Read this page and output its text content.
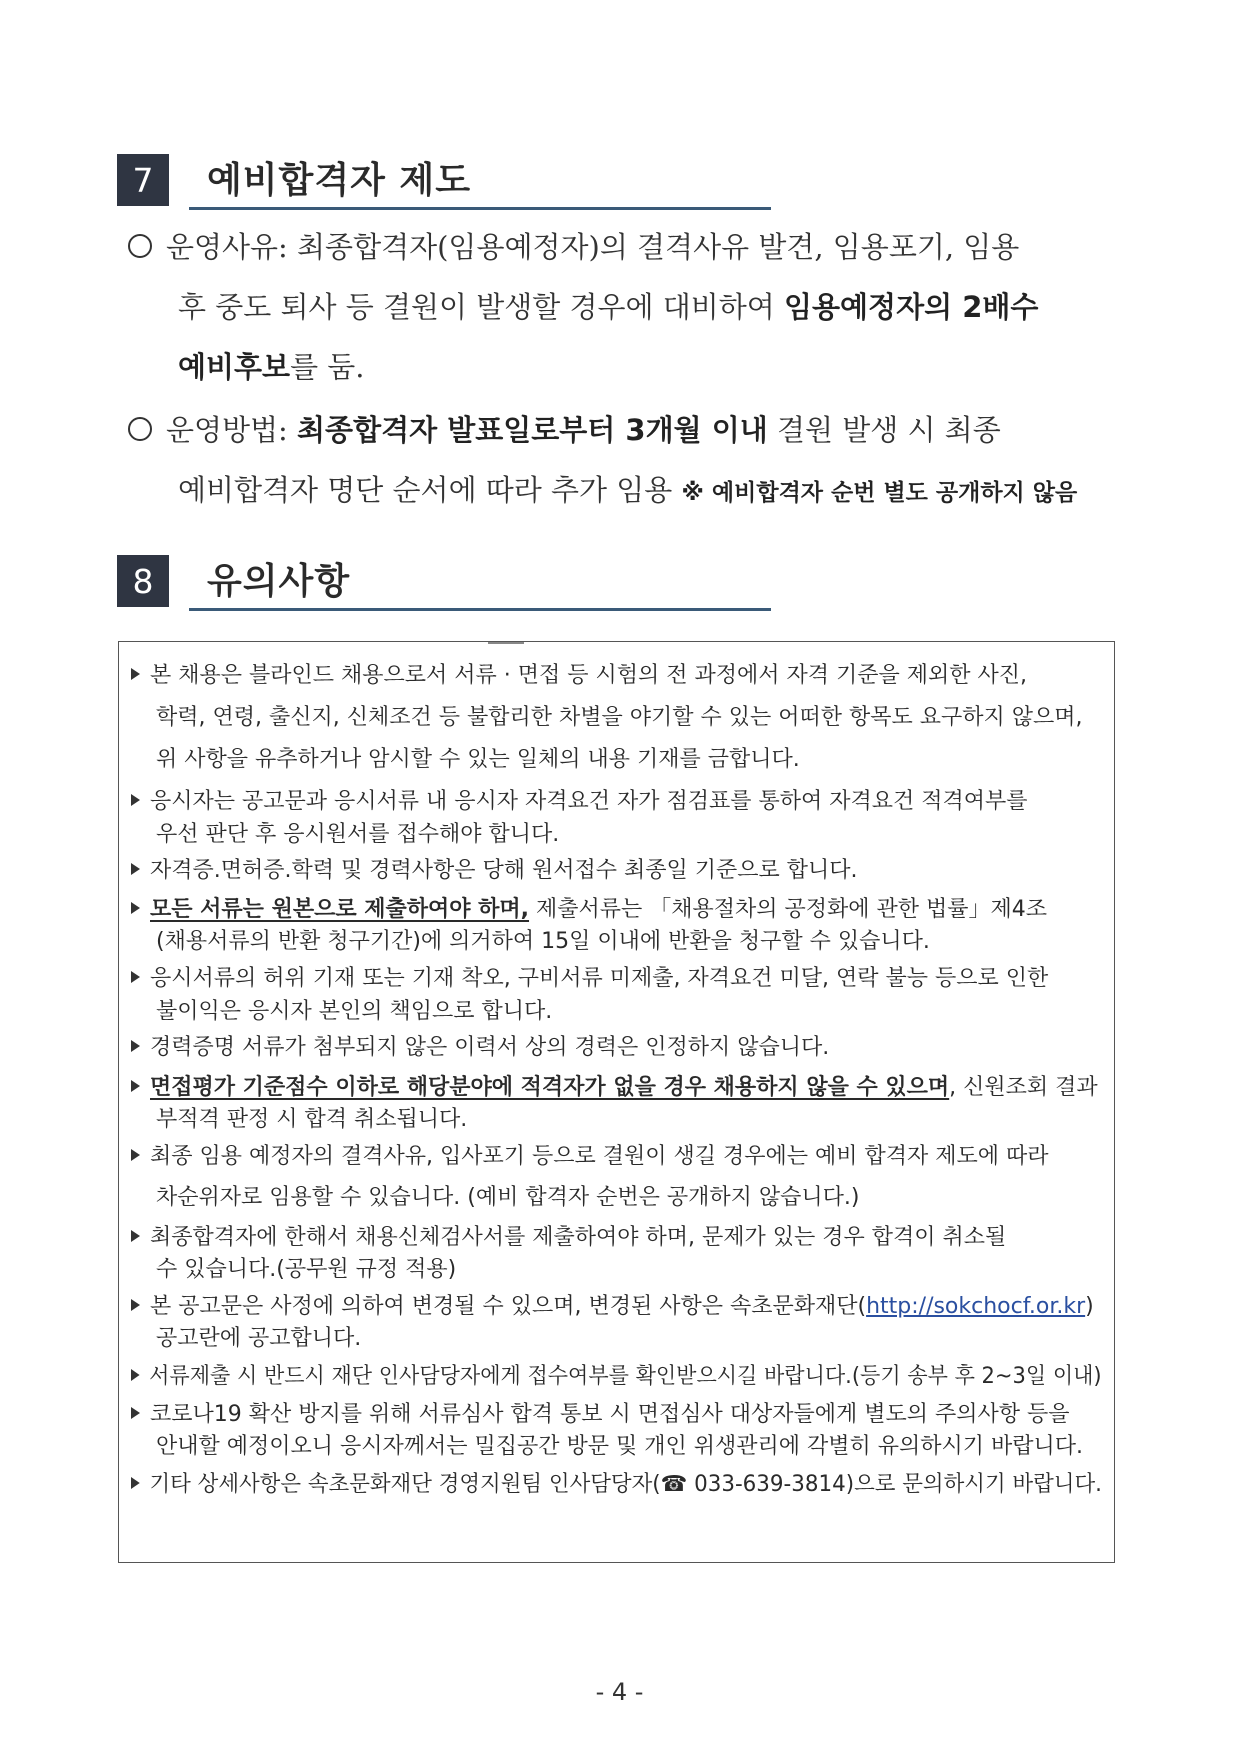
7	예비합격자 제도
운영사유: 최종합격자(임용예정자)의 결격사유 발견, 임용포기, 임용
후 중도 퇴사 등 결원이 발생할 경우에 대비하여 임용예정자의 2배수
예비후보를 둠.
운영방법: 최종합격자 발표일로부터 3개월 이내 결원 발생 시 최종
예비합격자 명단 순서에 따라 추가 임용 ※ 예비합격자 순번 별도 공개하지 않음
8	유의사항
본 채용은 블라인드 채용으로서 서류 · 면접 등 시험의 전 과정에서 자격 기준을 제외한 사진,
학력, 연령, 출신지, 신체조건 등 불합리한 차별을 야기할 수 있는 어떠한 항목도 요구하지 않으며,
위 사항을 유추하거나 암시할 수 있는 일체의 내용 기재를 금합니다.
응시자는 공고문과 응시서류 내 응시자 자격요건 자가 점검표를 통하여 자격요건 적격여부를
우선 판단 후 응시원서를 접수해야 합니다.
자격증.면허증.학력 및 경력사항은 당해 원서접수 최종일 기준으로 합니다.
모든 서류는 원본으로 제출하여야 하며, 제출서류는 「채용절차의 공정화에 관한 법률」제4조
(채용서류의 반환 청구기간)에 의거하여 15일 이내에 반환을 청구할 수 있습니다.
응시서류의 허위 기재 또는 기재 착오, 구비서류 미제출, 자격요건 미달, 연락 불능 등으로 인한
불이익은 응시자 본인의 책임으로 합니다.
경력증명 서류가 첨부되지 않은 이력서 상의 경력은 인정하지 않습니다.
면접평가 기준점수 이하로 해당분야에 적격자가 없을 경우 채용하지 않을 수 있으며, 신원조회 결과
부적격 판정 시 합격 취소됩니다.
최종 임용 예정자의 결격사유, 입사포기 등으로 결원이 생길 경우에는 예비 합격자 제도에 따라
차순위자로 임용할 수 있습니다. (예비 합격자 순번은 공개하지 않습니다.)
최종합격자에 한해서 채용신체검사서를 제출하여야 하며, 문제가 있는 경우 합격이 취소될
수 있습니다.(공무원 규정 적용)
본 공고문은 사정에 의하여 변경될 수 있으며, 변경된 사항은 속초문화재단(http://sokchocf.or.kr)
공고란에 공고합니다.
서류제출 시 반드시 재단 인사담당자에게 접수여부를 확인받으시길 바랍니다.(등기 송부 후 2~3일 이내)
코로나19 확산 방지를 위해 서류심사 합격 통보 시 면접심사 대상자들에게 별도의 주의사항 등을
안내할 예정이오니 응시자께서는 밀집공간 방문 및 개인 위생관리에 각별히 유의하시기 바랍니다.
기타 상세사항은 속초문화재단 경영지원팀 인사담당자(☎ 033-639-3814)으로 문의하시기 바랍니다.
- 4 -
